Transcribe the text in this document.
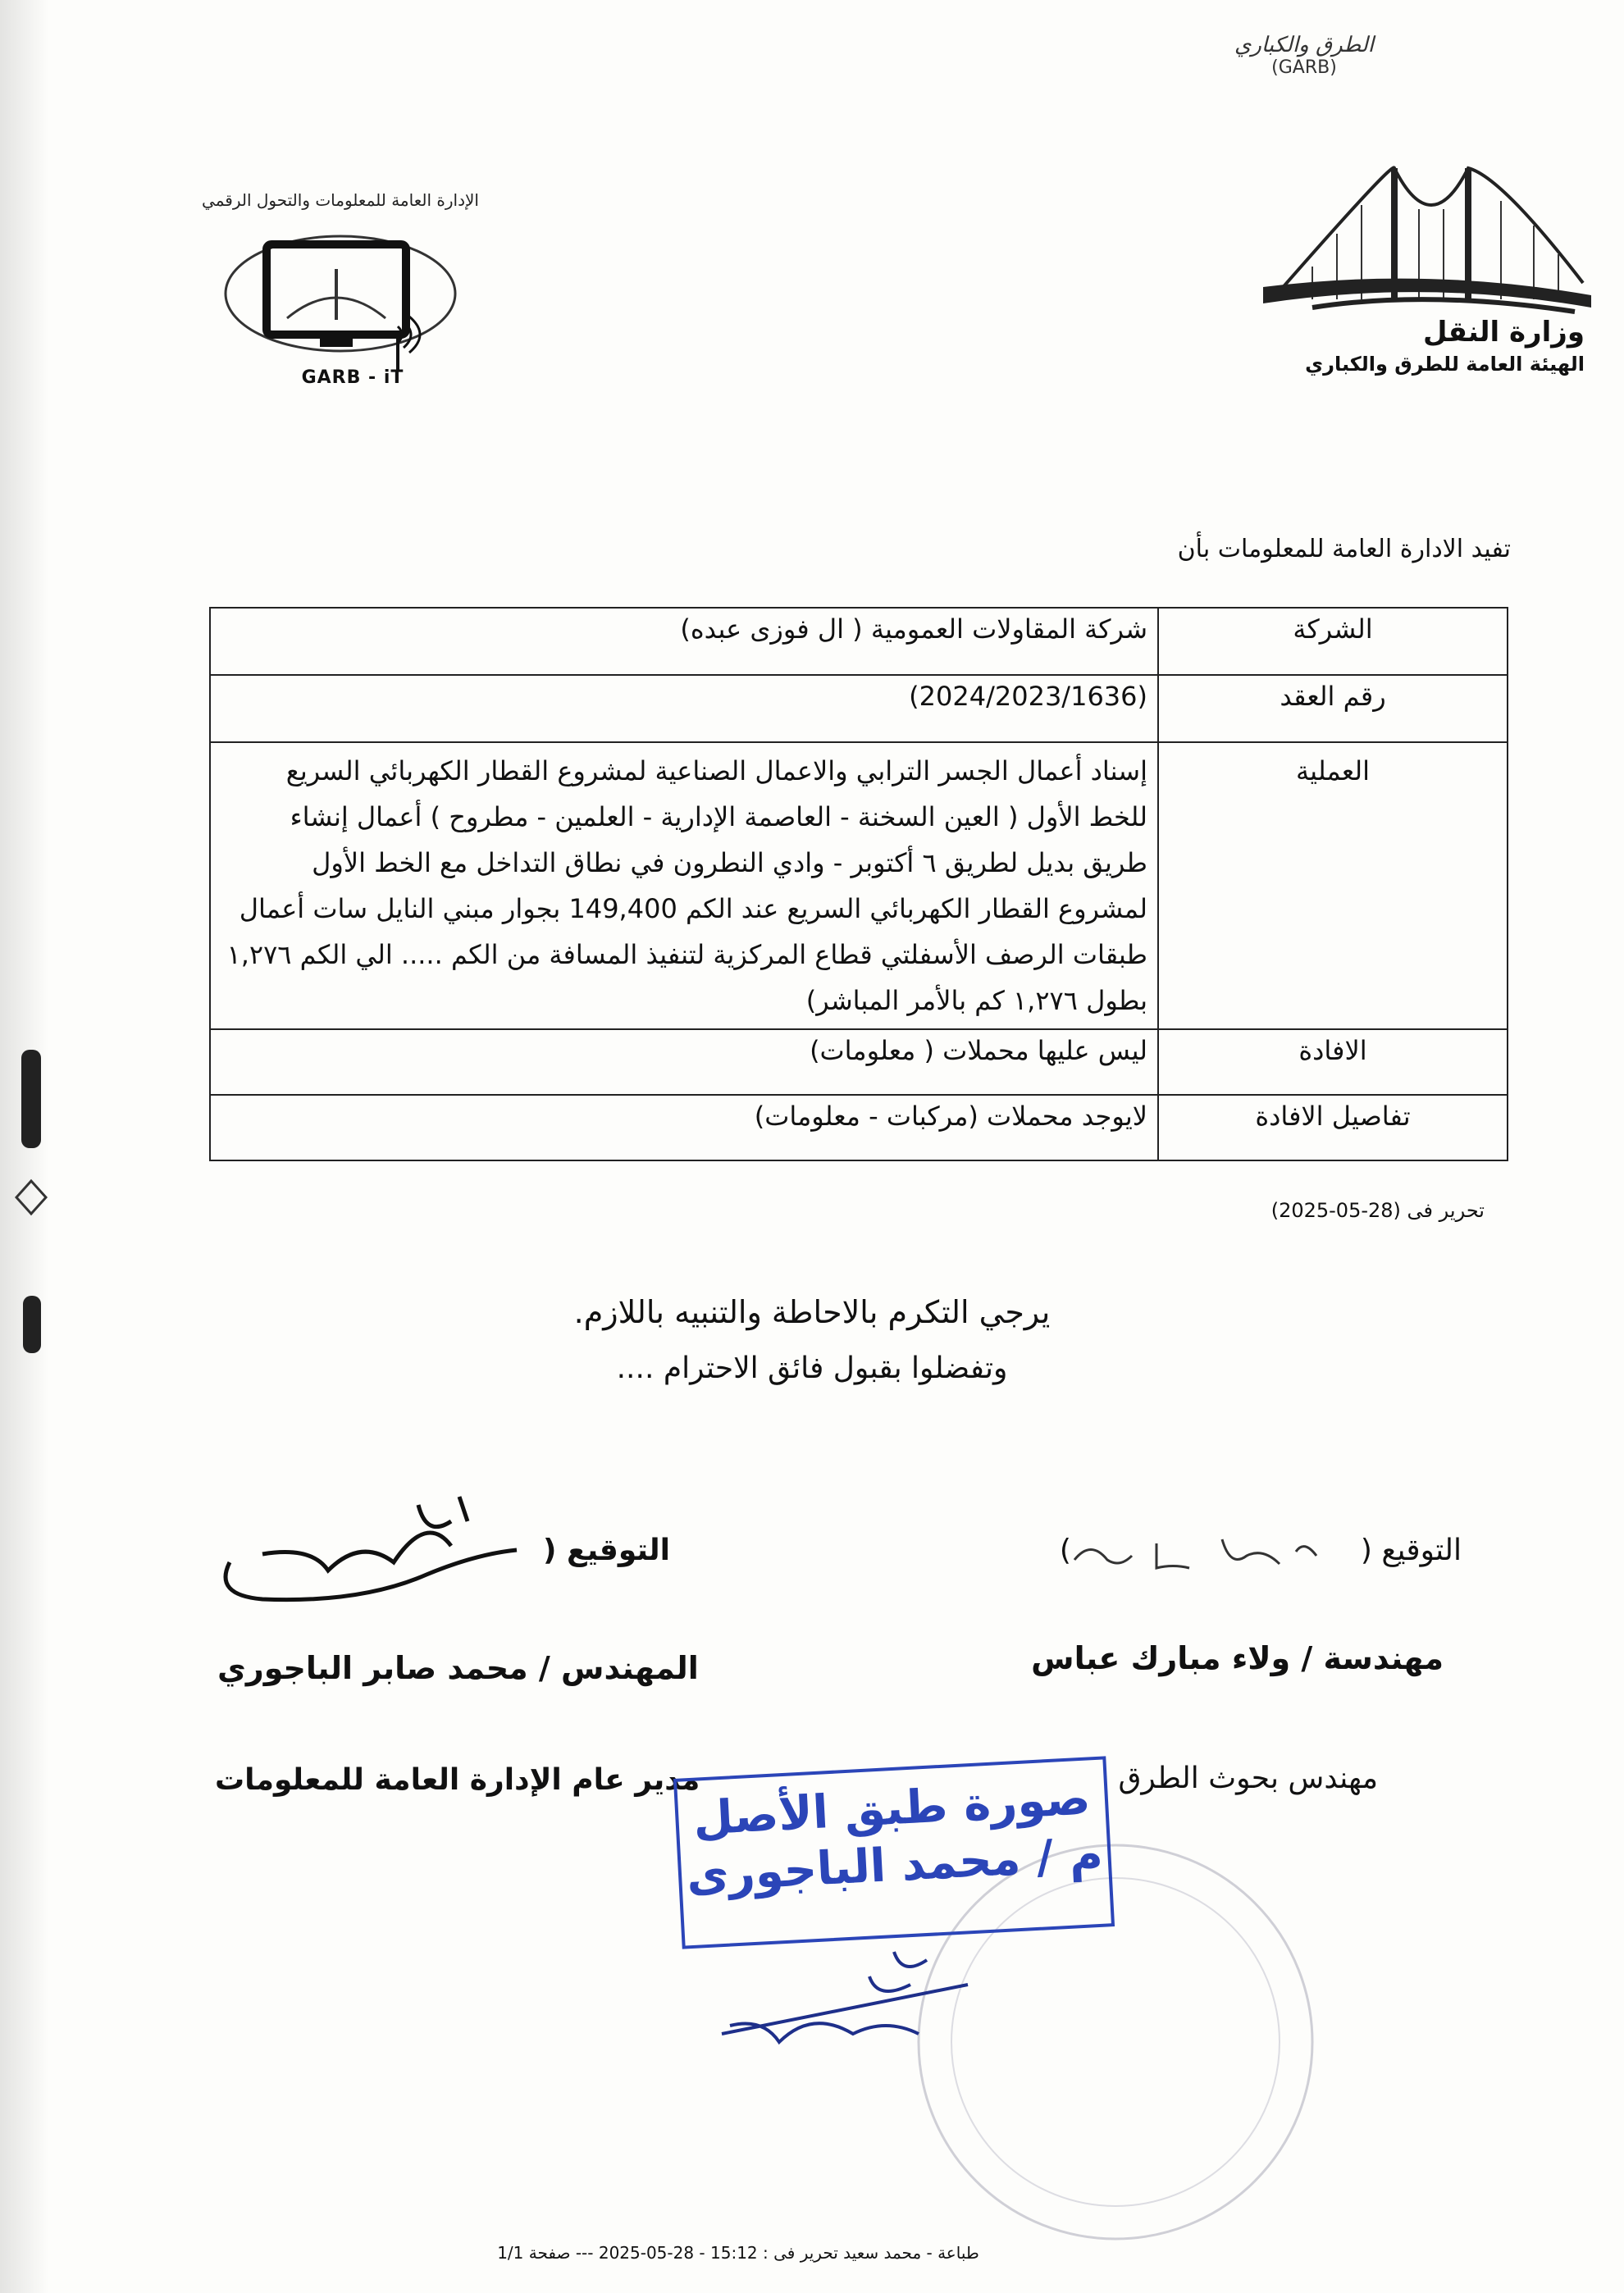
الطرق والكباري
(GARB)
وزارة النقل
الهيئة العامة للطرق والكباري
الإدارة العامة للمعلومات والتحول الرقمي
GARB - iT
تفيد الادارة العامة للمعلومات بأن
الشركة	شركة المقاولات العمومية ( ال فوزى عبده)
رقم العقد	(2024/2023/1636)
العملية	إسناد أعمال الجسر الترابي والاعمال الصناعية لمشروع القطار الكهربائي السريع للخط الأول ( العين السخنة - العاصمة الإدارية - العلمين - مطروح ) أعمال إنشاء طريق بديل لطريق ٦ أكتوبر - وادي النطرون في نطاق التداخل مع الخط الأول لمشروع القطار الكهربائي السريع عند الكم 149,400 بجوار مبني النايل سات أعمال طبقات الرصف الأسفلتي قطاع المركزية لتنفيذ المسافة من الكم ..... الي الكم ١,٢٧٦ بطول ١,٢٧٦ كم بالأمر المباشر)
الافادة	ليس عليها محملات ( معلومات)
تفاصيل الافادة	لايوجد محملات (مركبات - معلومات)
تحرير فى (2025-05-28)
يرجي التكرم بالاحاطة والتنبيه باللازم.
وتفضلوا بقبول فائق الاحترام ....
التوقيع (  )
مهندسة / ولاء مبارك عباس
مهندس بحوث الطرق
التوقيع (
المهندس / محمد صابر الباجوري
مدير عام الإدارة العامة للمعلومات
صورة طبق الأصل
م / محمد الباجورى
طباعة - محمد سعيد تحرير فى : 2025-05-28 - 15:12 --- صفحة 1/1
